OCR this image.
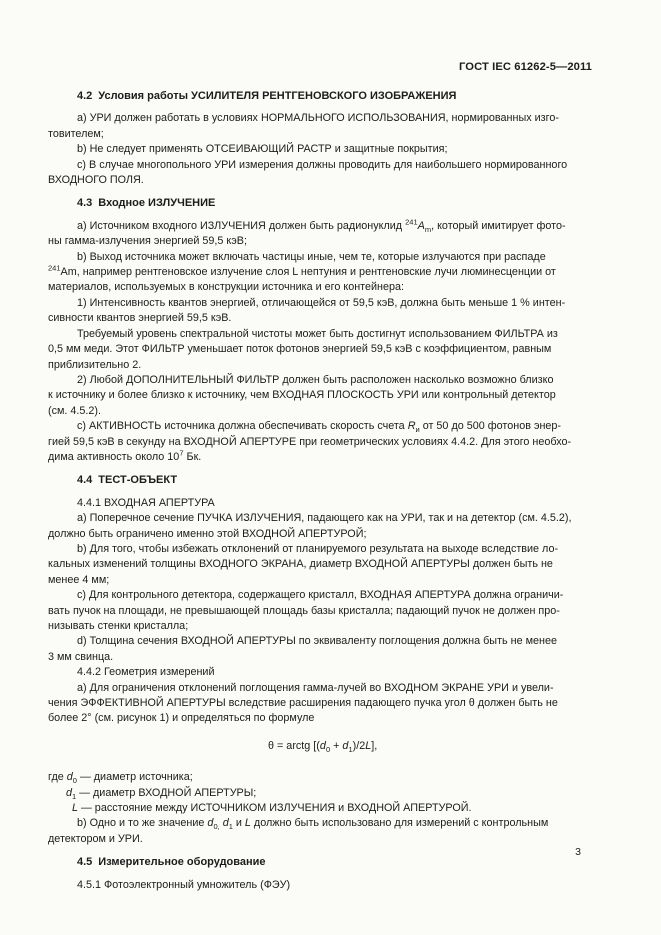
ГОСТ IEC 61262-5—2011
4.2 Условия работы УСИЛИТЕЛЯ РЕНТГЕНОВСКОГО ИЗОБРАЖЕНИЯ

а) УРИ должен работать в условиях НОРМАЛЬНОГО ИСПОЛЬЗОВАНИЯ, нормированных изго-

товителем;

b) Не следует применять ОТСЕИВАЮЩИЙ РАСТР и защитные покрытия;

с) В случае многопольного УРИ измерения должны проводить для наибольшего нормированного

ВХОДНОГО ПОЛЯ.

4.3 Входное ИЗЛУЧЕНИЕ

а) Источником входного ИЗЛУЧЕНИЯ должен быть радионуклид $^{241}A_m$, который имитирует фото-

ны гамма-излучения энергией 59,5 кэВ;

b) Выход источника может включать частицы иные, чем те, которые излучаются при распаде

$^{241}$Am, например рентгеновское излучение слоя L нептуния и рентгеновские лучи люминесценции от

материалов, используемых в конструкции источника и его контейнера:

1) Интенсивность квантов энергией, отличающейся от 59,5 кэВ, должна быть меньше 1 % интен-

сивности квантов энергией 59,5 кэВ.

Требуемый уровень спектральной чистоты может быть достигнут использованием ФИЛЬТРА из

0,5 мм меди. Этот ФИЛЬТР уменьшает поток фотонов энергией 59,5 кэВ с коэффициентом, равным

приблизительно 2.

2) Любой ДОПОЛНИТЕЛЬНЫЙ ФИЛЬТР должен быть расположен насколько возможно близко

к источнику и более близко к источнику, чем ВХОДНАЯ ПЛОСКОСТЬ УРИ или контрольный детектор

(см. 4.5.2).

с) АКТИВНОСТЬ источника должна обеспечивать скорость счета $R_и$ от 50 до 500 фотонов энер-

гией 59,5 кэВ в секунду на ВХОДНОЙ АПЕРТУРЕ при геометрических условиях 4.4.2. Для этого необхо-

дима активность около $10^7$ Бк.

4.4 ТЕСТ-ОБЪЕКТ

4.4.1 ВХОДНАЯ АПЕРТУРА

а) Поперечное сечение ПУЧКА ИЗЛУЧЕНИЯ, падающего как на УРИ, так и на детектор (см. 4.5.2),

должно быть ограничено именно этой ВХОДНОЙ АПЕРТУРОЙ;

b) Для того, чтобы избежать отклонений от планируемого результата на выходе вследствие ло-

кальных изменений толщины ВХОДНОГО ЭКРАНА, диаметр ВХОДНОЙ АПЕРТУРЫ должен быть не

менее 4 мм;

с) Для контрольного детектора, содержащего кристалл, ВХОДНАЯ АПЕРТУРА должна ограничи-

вать пучок на площади, не превышающей площадь базы кристалла; падающий пучок не должен про-

низывать стенки кристалла;

d) Толщина сечения ВХОДНОЙ АПЕРТУРЫ по эквиваленту поглощения должна быть не менее

3 мм свинца.

4.4.2 Геометрия измерений

а) Для ограничения отклонений поглощения гамма-лучей во ВХОДНОМ ЭКРАНЕ УРИ и увели-

чения ЭФФЕКТИВНОЙ АПЕРТУРЫ вследствие расширения падающего пучка угол θ должен быть не

более 2° (см. рисунок 1) и определяться по формуле

θ = arctg $[(d_0 + d_1)/2L]$,

где $d_0$ — диаметр источника;

$d_1$ — диаметр ВХОДНОЙ АПЕРТУРЫ;

L — расстояние между ИСТОЧНИКОМ ИЗЛУЧЕНИЯ и ВХОДНОЙ АПЕРТУРОЙ.

b) Одно и то же значение $d_{0,}$ $d_1$ и L должно быть использовано для измерений с контрольным

детектором и УРИ.

4.5 Измерительное оборудование

4.5.1 Фотоэлектронный умножитель (ФЭУ)

3
